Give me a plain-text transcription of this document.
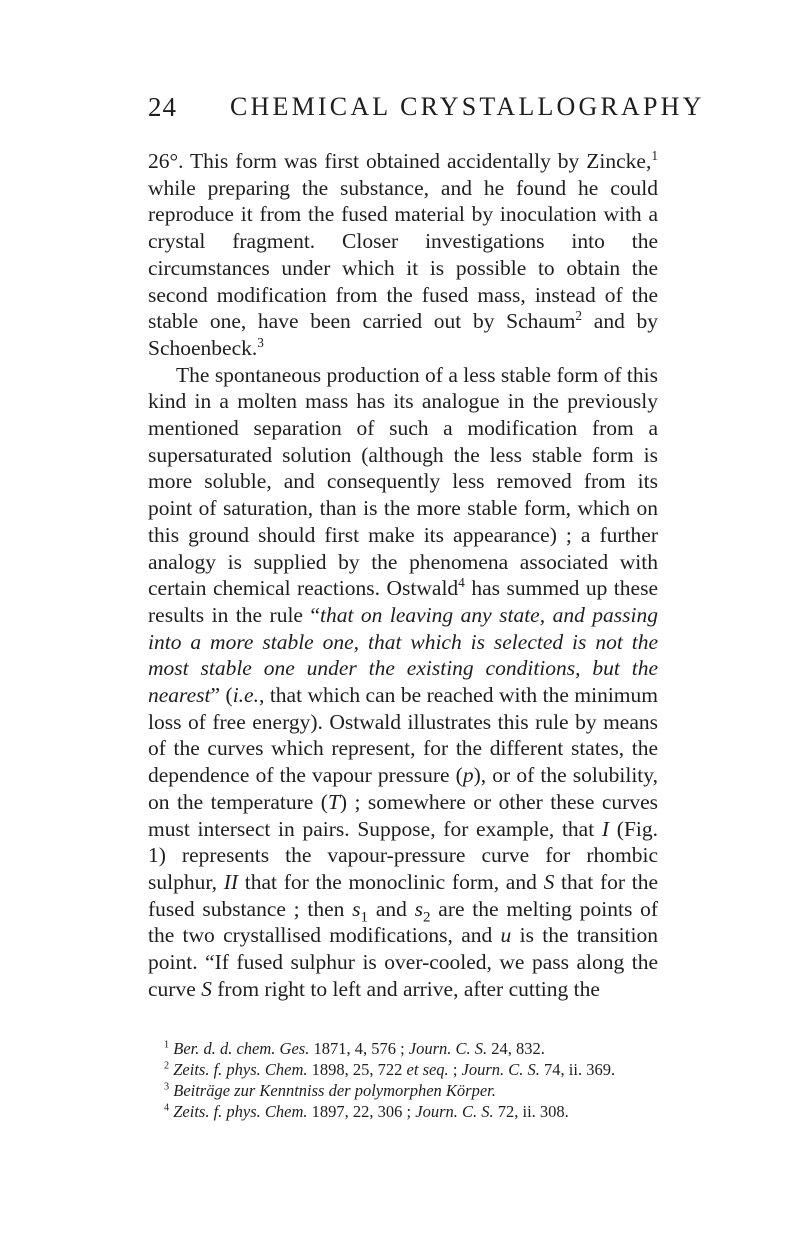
24 CHEMICAL CRYSTALLOGRAPHY

26°. This form was first obtained accidentally by Zincke,$^1$ while preparing the substance, and he found he could reproduce it from the fused material by inoculation with a crystal fragment. Closer investigations into the circumstances under which it is possible to obtain the second modification from the fused mass, instead of the stable one, have been carried out by Schaum$^2$ and by Schoenbeck.$^3$

The spontaneous production of a less stable form of this kind in a molten mass has its analogue in the previously mentioned separation of such a modification from a supersaturated solution (although the less stable form is more soluble, and consequently less removed from its point of saturation, than is the more stable form, which on this ground should first make its appearance) ; a further analogy is supplied by the phenomena associated with certain chemical reactions. Ostwald$^4$ has summed up these results in the rule “that on leaving any state, and passing into a more stable one, that which is selected is not the most stable one under the existing conditions, but the nearest” (i.e., that which can be reached with the minimum loss of free energy). Ostwald illustrates this rule by means of the curves which represent, for the different states, the dependence of the vapour pressure (p), or of the solubility, on the temperature (T) ; somewhere or other these curves must intersect in pairs. Suppose, for example, that I (Fig. 1) represents the vapour-pressure curve for rhombic sulphur, II that for the monoclinic form, and S that for the fused substance ; then $s_1$ and $s_2$ are the melting points of the two crystallised modifications, and u is the transition point. “If fused sulphur is over-cooled, we pass along the curve S from right to left and arrive, after cutting the

$^1$ Ber. d. d. chem. Ges. 1871, 4, 576 ; Journ. C. S. 24, 832.

$^2$ Zeits. f. phys. Chem. 1898, 25, 722 et seq. ; Journ. C. S. 74, ii. 369.

$^3$ Beiträge zur Kenntniss der polymorphen Körper.

$^4$ Zeits. f. phys. Chem. 1897, 22, 306 ; Journ. C. S. 72, ii. 308.
